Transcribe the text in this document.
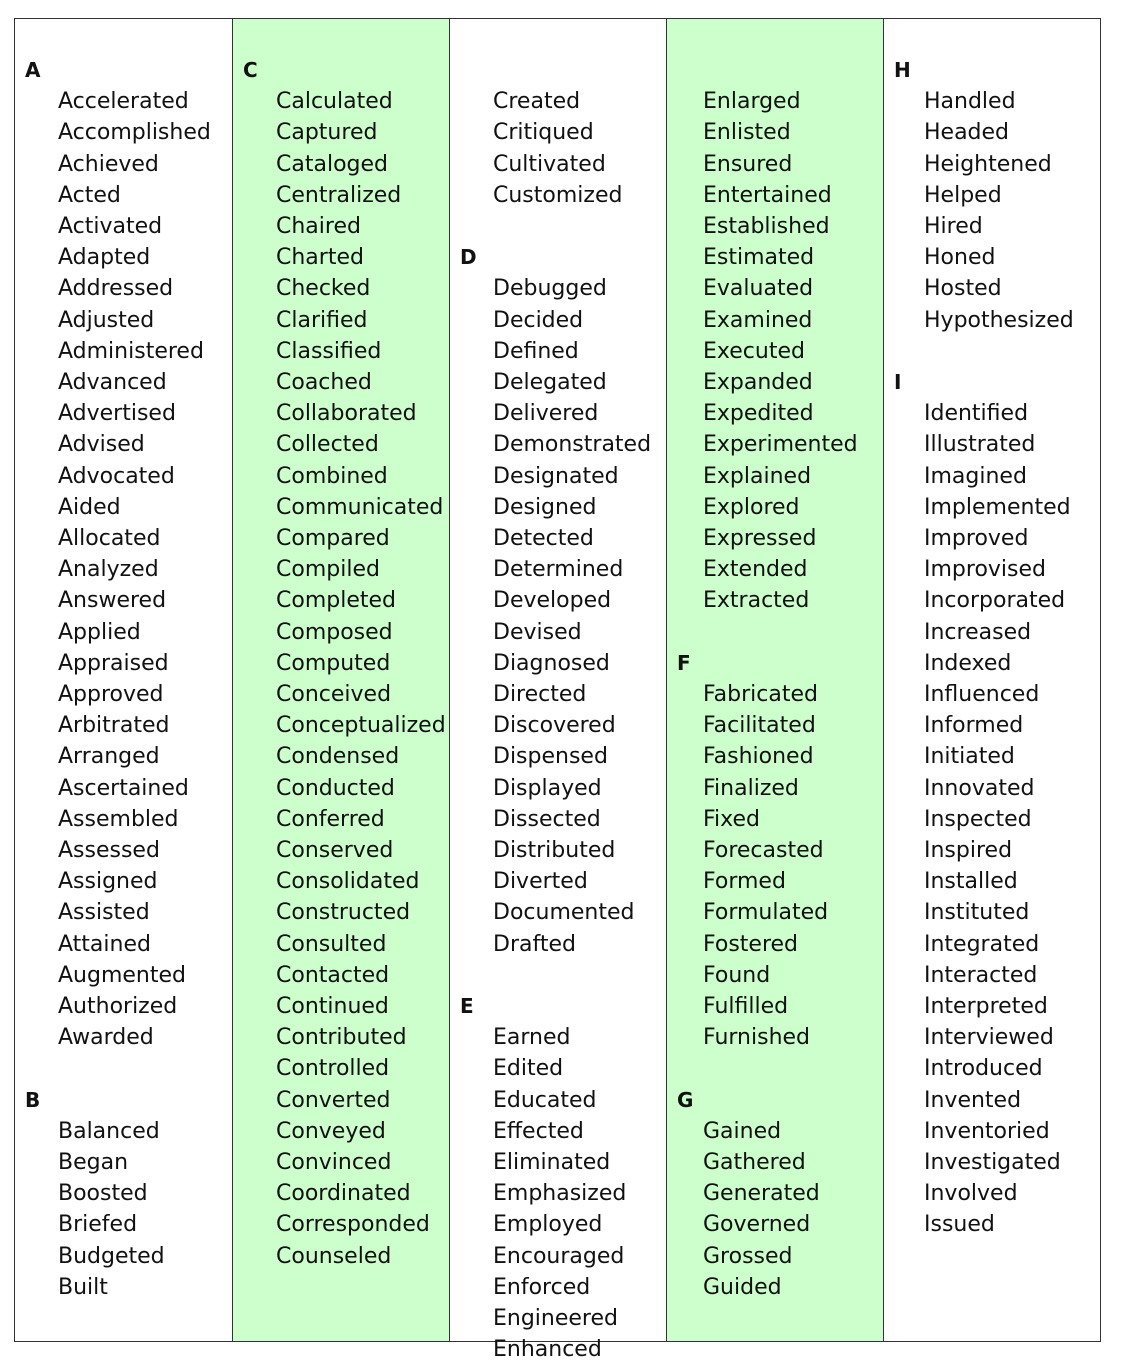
A
Accelerated
Accomplished
Achieved
Acted
Activated
Adapted
Addressed
Adjusted
Administered
Advanced
Advertised
Advised
Advocated
Aided
Allocated
Analyzed
Answered
Applied
Appraised
Approved
Arbitrated
Arranged
Ascertained
Assembled
Assessed
Assigned
Assisted
Attained
Augmented
Authorized
Awarded
B
Balanced
Began
Boosted
Briefed
Budgeted
Built
C
Calculated
Captured
Cataloged
Centralized
Chaired
Charted
Checked
Clarified
Classified
Coached
Collaborated
Collected
Combined
Communicated
Compared
Compiled
Completed
Composed
Computed
Conceived
Conceptualized
Condensed
Conducted
Conferred
Conserved
Consolidated
Constructed
Consulted
Contacted
Continued
Contributed
Controlled
Converted
Conveyed
Convinced
Coordinated
Corresponded
Counseled
Created
Critiqued
Cultivated
Customized
D
Debugged
Decided
Defined
Delegated
Delivered
Demonstrated
Designated
Designed
Detected
Determined
Developed
Devised
Diagnosed
Directed
Discovered
Dispensed
Displayed
Dissected
Distributed
Diverted
Documented
Drafted
E
Earned
Edited
Educated
Effected
Eliminated
Emphasized
Employed
Encouraged
Enforced
Engineered
Enhanced
Enlarged
Enlisted
Ensured
Entertained
Established
Estimated
Evaluated
Examined
Executed
Expanded
Expedited
Experimented
Explained
Explored
Expressed
Extended
Extracted
F
Fabricated
Facilitated
Fashioned
Finalized
Fixed
Forecasted
Formed
Formulated
Fostered
Found
Fulfilled
Furnished
G
Gained
Gathered
Generated
Governed
Grossed
Guided
H
Handled
Headed
Heightened
Helped
Hired
Honed
Hosted
Hypothesized
I
Identified
Illustrated
Imagined
Implemented
Improved
Improvised
Incorporated
Increased
Indexed
Influenced
Informed
Initiated
Innovated
Inspected
Inspired
Installed
Instituted
Integrated
Interacted
Interpreted
Interviewed
Introduced
Invented
Inventoried
Investigated
Involved
Issued
